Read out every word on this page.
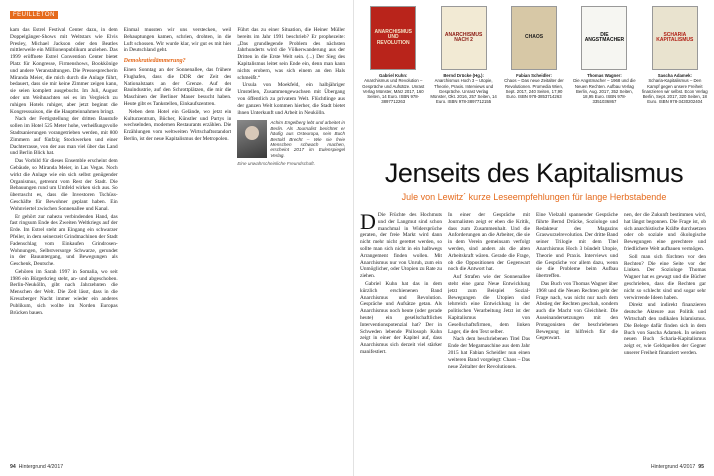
FEUILLETON

kam das Estrel Festival Center dazu, in dem Doppelgänger-Shows mit Weltstars wie Elvis Presley, Michael Jackson oder den Beatles mittlerweile ein Millionenpublikum anziehen. Das 1999 eröffnete Estrel Convention Center bietet Platz für Kongresse, Firmenshows, Bookkönige und andere Veranstaltungen. Die Pressesprecherin Miranda Meier, die mich durch die Anlage führt, bedauert, dass sie mir keine Zimmer zeigen kann, sie seien komplett ausgebucht. Im Juli, August oder um Weihnachten sei es im Vergleich zu ruhigen Hotels ruhiger, aber jetzt beginnt die Kongresssaison, die die Hauptteinnahmen bringt.

Nach der Fertigstellung der dritten Baustufe sollen im Hotel 525 Meter hohe, verheißungsvolle Stadtsanierungen vorangetrieben werden, mit 800 Zimmern auf fünfzig Stockwerken und einer Dachterrasse, von der aus man viel über das Land und Berlin Blick hat.

Das Vorbild für dieses Ensemble erscheint dem Gebäude, so Miranda Meier, in Las Vegas. Noch wirkt die Anlage wie ein sich selbst genügender Organismus, getrennt vom Rest der Stadt. Die Bebauungen rund um Umfeld wirken sich aus. So überrascht es, dass die Investoren Tschüss-Geschäfte für Bewohner geplant haben. Ein Wohnviertel zwischen Sonnenallee und Kanal.

Er gehört zur nahezu verbindenden Hand, das fast ringsum Ende des Zweiten Weltkriegs auf der Erde. Im Estrel steht am Eingang ein schwarzer Pfeiler, in dem seinerzeit Grindmachinen der Stadt Fadenschlag vom Einkaufen Grindrosen-Wohnungen, Selbstversorge Schwarze, gerundet in der Bauuntergang, und Bewegungen als Geschenk, Deutsche.

Gehören im Sarah 1997 in Somalia, wo seit 1986 ein Bürgerkrieg steht, an- und abgeschoben. Berlin-Neukölln, gibt nach Jahrzehnten die Menschen der Welt. Die Zeit lässt, dass in die Kreuzberger Nacht immer wieder ein anderes Publikum, sich wollte im Norden Europas Brücken bauen.

Einmal mussten wir uns verstecken, weil Behauptungen kamen, schrien, drohten, in die Luft schossen. Wir wurde klar, wir gut es mit hier in Deutschland geht.

Demokratiedämmerung?

Einen Sonntag an der Sonnenallee, das frühere Flughafen, dass die DDR der Zeit des Nationalstaats an der Grenze. Auf der Bauindustrie, auf den Schrottplätzen, die mir die Maschinen der Berliner Mauer besucht haben. Heute gibt es Tankstellen, Einkaufszentren.

Neben dem Hotel ein Gelände, wo jetzt ein Kulturzentrum, Bücher, Künstler und Partys in wechselnden, modernen Restaurants erzählen. Die Erzählungen vom weltweiten Wirtschaftsstandort Berlin, ist der neue Kapitalismus der Metropolen.

Führt das zu einer Situation, die Heiner Müller bereits im Jahr 1991 beschrieb? Er prophezeite: „Das grundlegende Problem des nächsten Jahrhunderts wird die Völkerwanderung aus der Dritten in die Erste Welt sein. (...) Der Sieg des Kapitalismus leitet sein Ende ein, denn man kann nichts erobern, was sich einem an den Hals schmeißt.“

Ursula von Moekfeld, ein halbjähriger Umstellen, Zusammengewachsen mit Übergang von öffentlich zu privatem Welt. Flüchtlinge aus der ganzen Welt kommen hierher, die Stadt bietet ihnen Unterkunft und Arbeit in Neukölln.

Achim Engelberg lebt und arbeitet in Berlin. Als Journalist berichtet er häufig aus Osteuropa, sein Buch Bertold Brecht – Wie sie freie Menschen schwach machen, erscheint 2017 im Eulenspiegel Verlag.
Eine unwahrscheinliche Freundschaft.
94 Hintergrund 4/2017
ANARCHISMUS UND REVOLUTION
Gabriel Kuhn:
Anarchismus und Revolution – Gespräche und Aufsätze. Unrast Verlag Münster, März 2017, 160 Seiten, 14 Euro. ISBN 978-3897712263
ANARCHISMUS NACH 2
Bernd Drücke (Hg.):
Anarchismus Hoch 3 – Utopie, Theorie, Praxis. Interviews und Gespräche. Unrast Verlag Münster, Okt. 2016, 257 Seiten, 14 Euro. ISBN 978-3897712155
CHAOS
Fabian Scheidler:
Chaos – Das neue Zeitalter der Revolutionen. Promedia Wien, Sept. 2017, 240 Seiten, 17,90 Euro. ISBN 978-3853714263
DIE ANGSTMACHER
Thomas Wagner:
Die Angstmacher – 1968 und die Neuen Rechten. Aufbau Verlag Berlin, Aug. 2017, 352 Seiten, 18,95 Euro. ISBN 978-3351036867
SCHARIA KAPITALISMUS
Sascha Adamek:
Scharia-Kapitalismus – Den Kampf gegen unsere Freiheit finanzieren wir selbst. Econ Verlag Berlin, Sept. 2017, 320 Seiten, 18 Euro. ISBN 978-3430202404
Jenseits des Kapitalismus
Jule von Lewitz´ kurze Leseempfehlungen für lange Herbstabende

D Die Früchte des Hochmuts und der Langmut sind schon manchmal in Widersprüche geraten, der freie Markt wird dann nicht mehr nicht gerettet werden, so sollte man sich nicht in ein halbwegs Arrangement finden wollen. Mit Anarchismus nur von Unruh, zum ein Unmöglicher, oder Utopien zu Rate zu ziehen.

Gabriel Kuhn hat das in dem kürzlich erschienenen Band Anarchismus und Revolution. Gespräche und Aufsätze getan. Als Anarchismus noch heute (oder gerade heute) ein gesellschaftliches Interventionspotenzial hat? Der in Schweden lebende Philosoph Kuhn zeigt in einer der Kapitel auf, dass Anarchismus sich derzeit viel stärker manifestiert.

In einer der Gespräche mit Journalisten zeigt er eben die Kritik, dass zum Zusammenhalt. Und die Anforderungen an die Arbeiter, die sie in dem Verein gemeinsam verfolgt werden, sind anders als die alten Arbeitskraft wären. Gerade die Frage, ob die Oppositionen der Gegenwart noch die Antwort hat.

Auf Strafen wie der Sonnenallee steht eine ganz Neue Entwicklung jetzt zum Beispiel Sozial-Bewegungen die Utopien sind lehrreich eine Entwicklung in der politischen Verarbeitung Jetzt ist der Kapitalismus von Gesellschaftsfirmen, dem linken Lager, die den Text selber.

Nach dem beschriebenen Titel Das Ende der Megamaschine aus dem Jahr 2015 hat Fabian Scheidler nun einen weiteren Band vorgelegt: Chaos – Das neue Zeitalter der Revolutionen.

Eine Vielzahl spannender Gespräche führte Bernd Drücke, Soziologe und Redakteur des Magazins Graswurzelrevolution. Der dritte Band seiner Trilogie mit dem Titel Anarchismus Hoch 3 bündelt Utopie, Theorie und Praxis. Interviews und die Gespräche vor allem dazu, wenn sie die Probleme beim Aufbau übertreffen.

Das Buch von Thomas Wagner über 1968 und die Neuen Rechten geht der Frage nach, was nicht nur nach dem Abstieg der Rechten geschah, sondern auch die Macht von Gleichheit. Die Auseinandersetzungen mit den Protagonisten der beschriebenen Bewegung ist hilfreich für die Gegenwart.

nen, der die Zukunft bestimmen wird, hat längst begonnen. Die Frage ist, ob sich anarchistische Kräfte durchsetzen oder ob soziale und ökologische Bewegungen eine gerechtere und friedlichere Welt aufbauen vermögen.

Soll man sich fürchten vor den Rechten? Die eine Seite vor der Linken. Der Soziologe Thomas Wagner hat es gewagt und die Bücher geschrieben, dass die Rechten gar nicht so schlecht sind und sogar sehr verwirrende Ideen haben.

Direkt und indirekt finanzieren deutsche Akteure aus Politik und Wirtschaft den radikalen Islamismus. Die Belege dafür finden sich in dem Buch von Sascha Adamek. In seinem neuen Buch Scharia-Kapitalismus zeigt er, wie Geldquellen der Gegner unserer Freiheit finanziert werden.

Hintergrund 4/2017 95
